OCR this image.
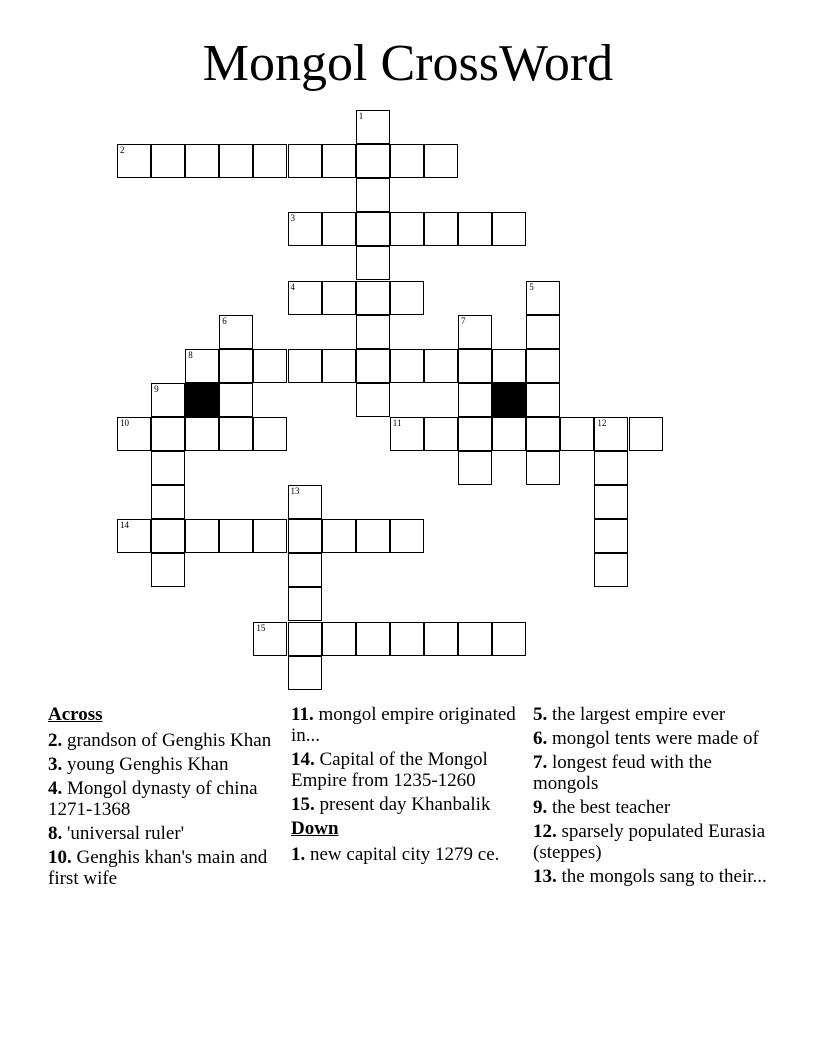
Mongol CrossWord
1
2
3
4	5
6	7
8
9
10	11	12
13
14
15
Across
2. grandson of Genghis Khan
3. young Genghis Khan
4. Mongol dynasty of china 1271-1368
8. 'universal ruler'
10. Genghis khan's main and first wife
11. mongol empire originated in...
14. Capital of the Mongol Empire from 1235-1260
15. present day Khanbalik
Down
1. new capital city 1279 ce.
5. the largest empire ever
6. mongol tents were made of
7. longest feud with the mongols
9. the best teacher
12. sparsely populated Eurasia (steppes)
13. the mongols sang to their...
